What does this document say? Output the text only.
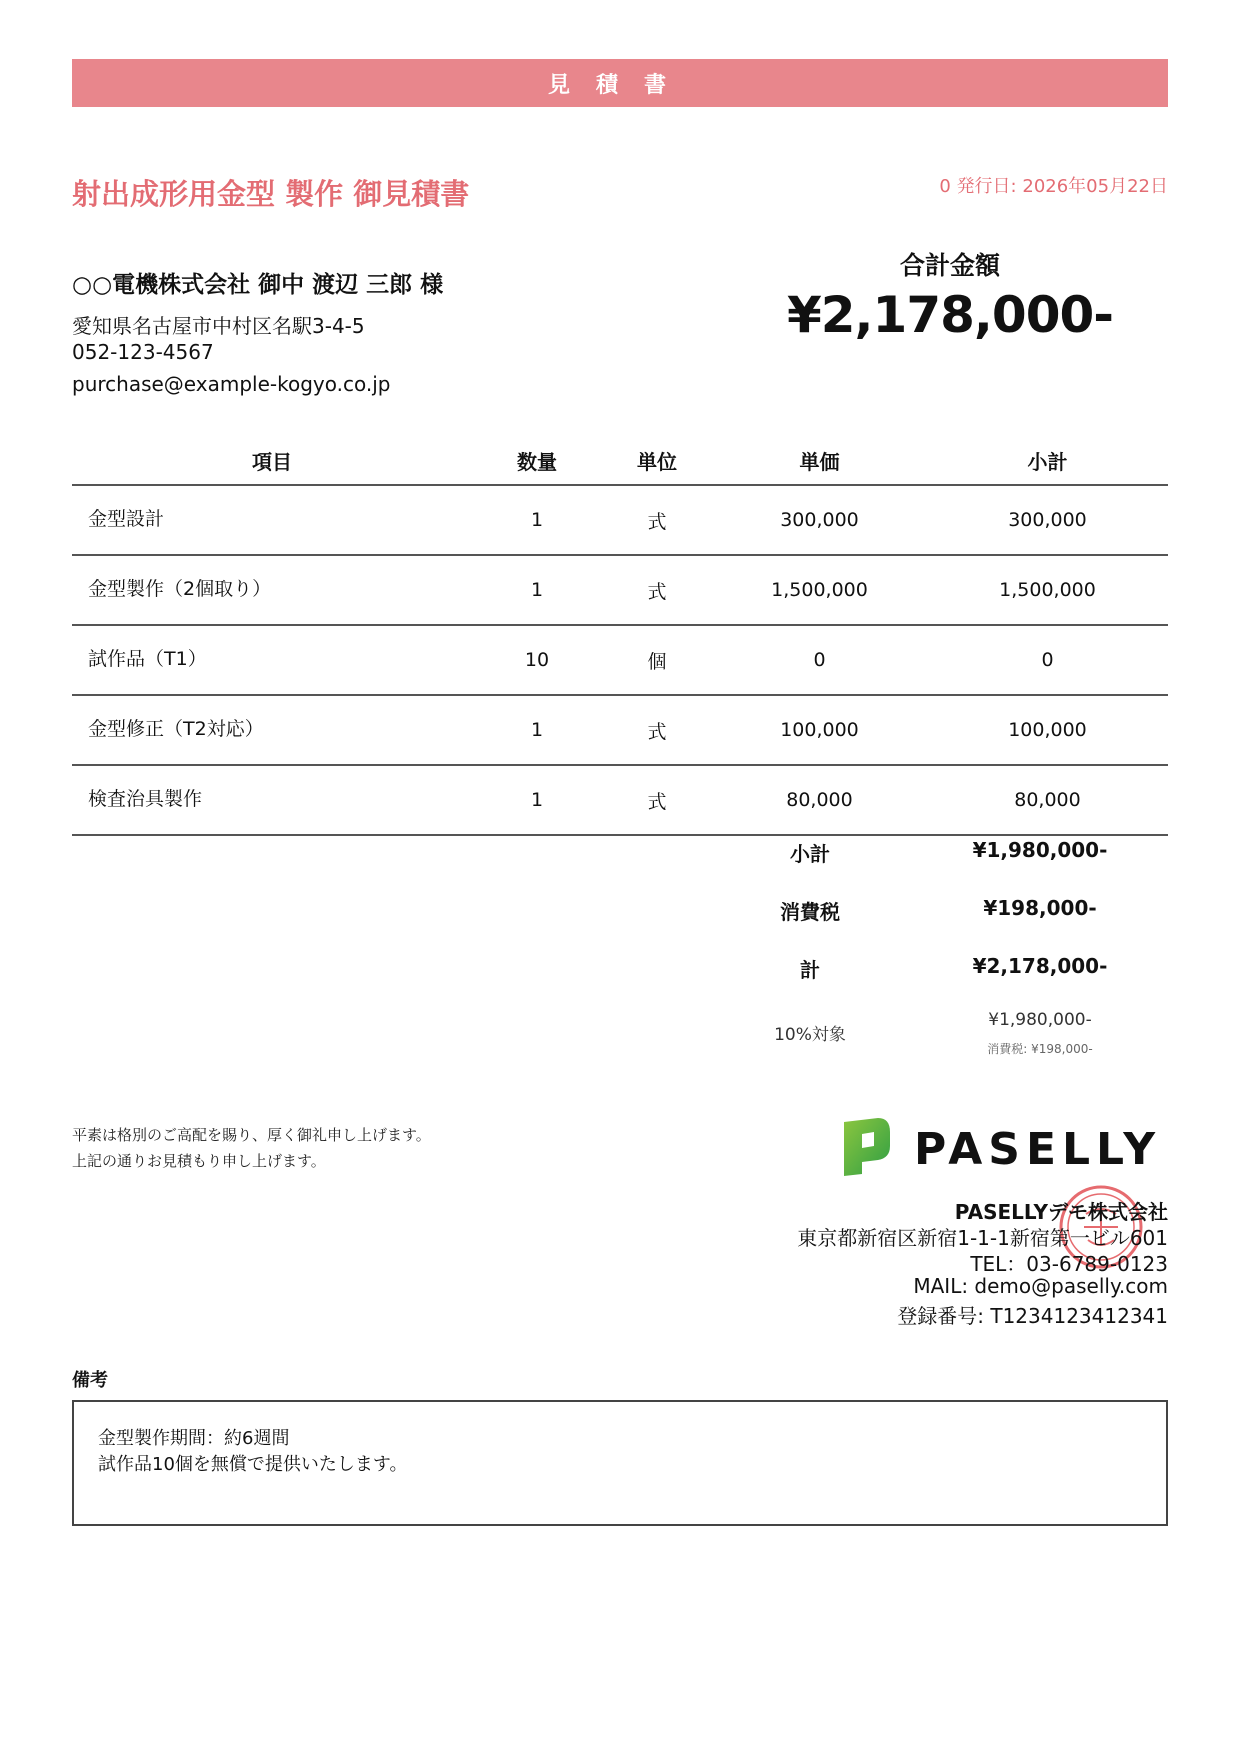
見積書
射出成形用金型 製作 御見積書	0 発行日: 2026年05月22日
○○電機株式会社 御中 渡辺 三郎 様
愛知県名古屋市中村区名駅3-4-5
052-123-4567
purchase@example-kogyo.co.jp
合計金額
¥2,178,000-
項目	数量	単位	単価	小計
金型設計	1	式	300,000	300,000
金型製作（2個取り）	1	式	1,500,000	1,500,000
試作品（T1）	10	個	0	0
金型修正（T2対応）	1	式	100,000	100,000
検査治具製作	1	式	80,000	80,000
小計	¥1,980,000-
消費税	¥198,000-
計	¥2,178,000-
10%対象
¥1,980,000-
消費税: ¥198,000-
平素は格別のご高配を賜り、厚く御礼申し上げます。
上記の通りお見積もり申し上げます。	PASELLY
PASELLYデモ株式会社
東京都新宿区新宿1-1-1新宿第一ビル601
TEL：03-6789-0123
MAIL: demo@paselly.com
登録番号: T1234123412341
備考
金型製作期間：約6週間
試作品10個を無償で提供いたします。
